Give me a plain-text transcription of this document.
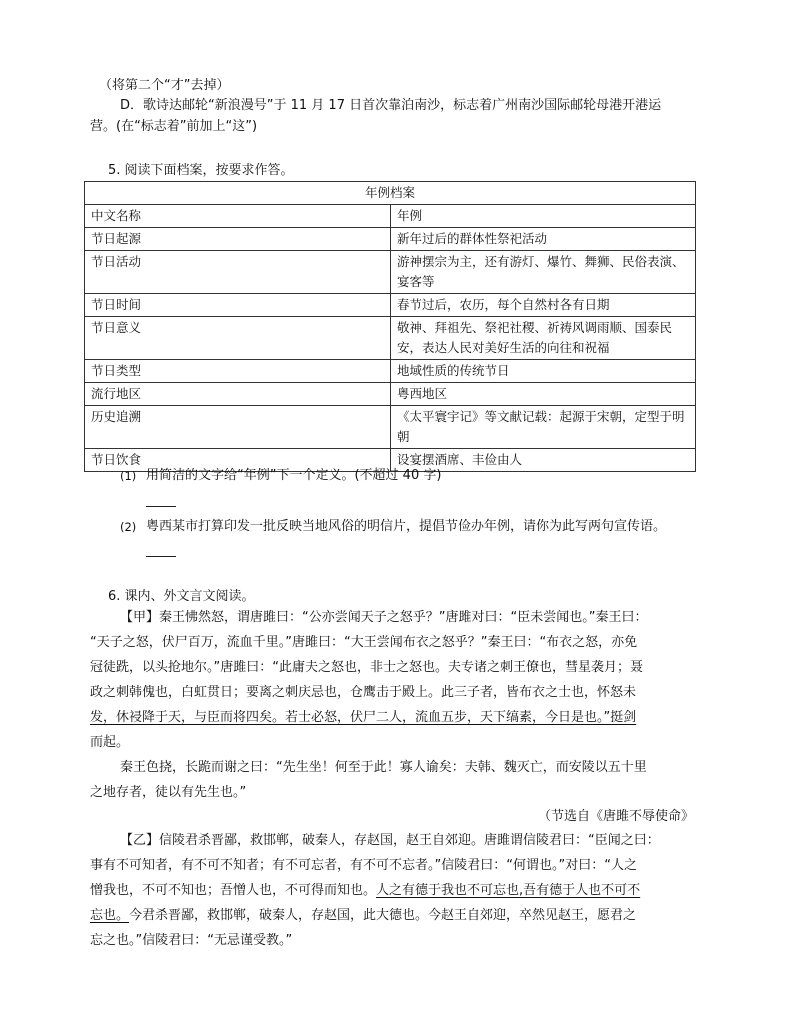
（将第二个“才”去掉）
D．歌诗达邮轮“新浪漫号”于 11 月 17 日首次靠泊南沙，标志着广州南沙国际邮轮母港开港运
营。(在“标志着”前加上“这”)
5. 阅读下面档案，按要求作答。
年例档案	
中文名称	年例
节日起源	新年过后的群体性祭祀活动
节日活动	游神摆宗为主，还有游灯、爆竹、舞狮、民俗表演、宴客等
节日时间	春节过后，农历，每个自然村各有日期
节日意义	敬神、拜祖先、祭祀社稷、祈祷风调雨顺、国泰民安，表达人民对美好生活的向往和祝福
节日类型	地域性质的传统节日
流行地区	粤西地区
历史追溯	《太平寰宇记》等文献记载：起源于宋朝，定型于明朝
节日饮食	设宴摆酒席、丰俭由人
(1) 用简洁的文字给“年例”下一个定义。(不超过 40 字)
(2) 粤西某市打算印发一批反映当地风俗的明信片，提倡节俭办年例，请你为此写两句宣传语。
6. 课内、外文言文阅读。
【甲】秦王怫然怒，谓唐雎曰：“公亦尝闻天子之怒乎？”唐雎对曰：“臣未尝闻也。”秦王曰：
“天子之怒，伏尸百万，流血千里。”唐雎曰：“大王尝闻布衣之怒乎？”秦王曰：“布衣之怒，亦免
冠徒跣，以头抢地尔。”唐雎曰：“此庸夫之怒也，非士之怒也。夫专诸之刺王僚也，彗星袭月；聂
政之刺韩傀也，白虹贯日；要离之刺庆忌也，仓鹰击于殿上。此三子者，皆布衣之士也，怀怒未
发，休祲降于天，与臣而将四矣。若士必怒，伏尸二人，流血五步，天下缟素，今日是也。”挺剑
而起。
秦王色挠，长跪而谢之曰：“先生坐！何至于此！寡人谕矣：夫韩、魏灭亡，而安陵以五十里
之地存者，徒以有先生也。”
（节选自《唐雎不辱使命》
【乙】信陵君杀晋鄙，救邯郸，破秦人，存赵国，赵王自郊迎。唐雎谓信陵君曰：“臣闻之曰：
事有不可知者，有不可不知者；有不可忘者，有不可不忘者。”信陵君曰：“何谓也。”对曰：“人之
憎我也，不可不知也；吾憎人也，不可得而知也。人之有德于我也不可忘也,吾有德于人也不可不
忘也。今君杀晋鄙，救邯郸，破秦人，存赵国，此大德也。今赵王自郊迎，卒然见赵王，愿君之
忘之也。”信陵君曰：“无忌谨受教。”
